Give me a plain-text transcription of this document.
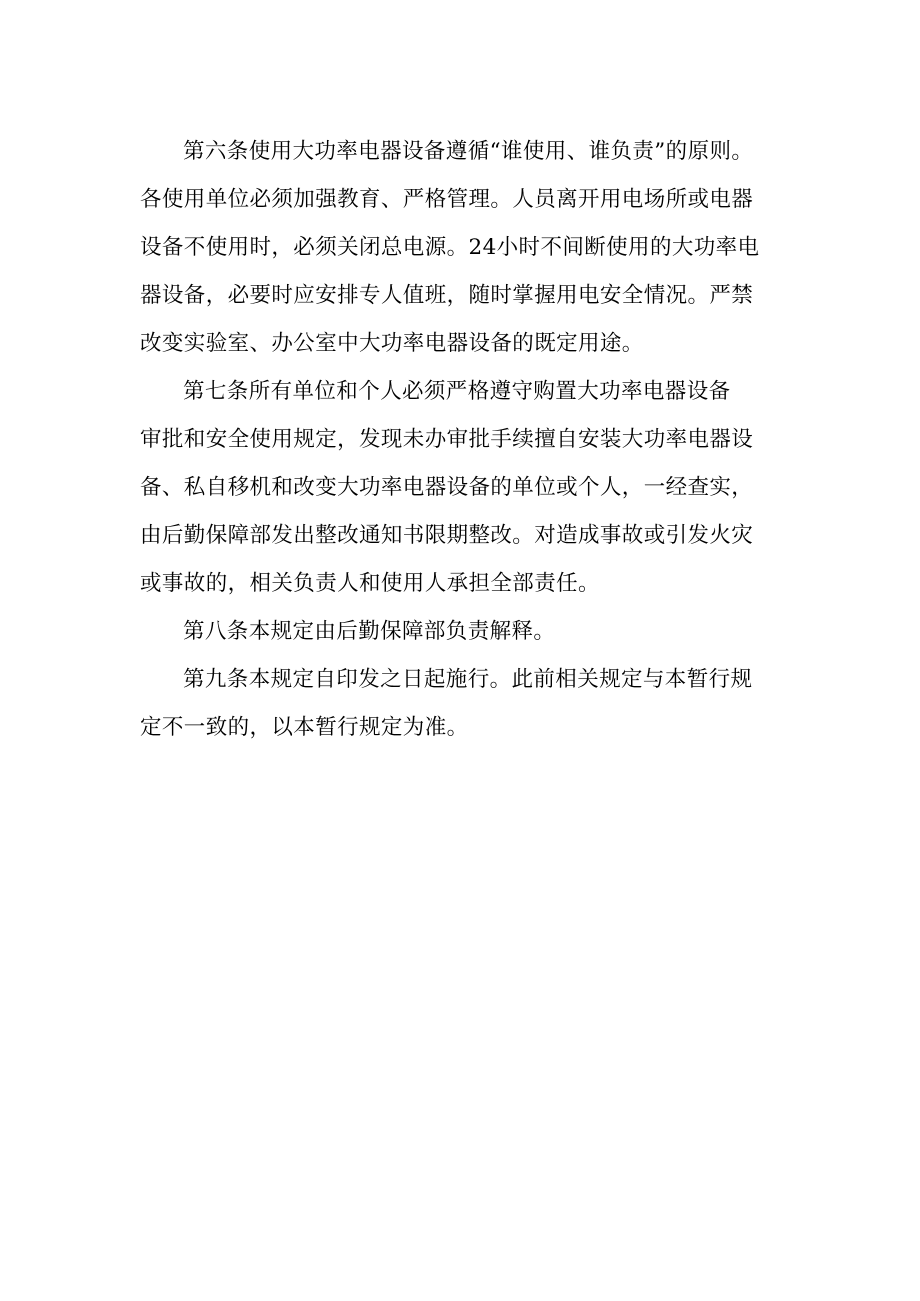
第六条使用大功率电器设备遵循“谁使用、谁负责”的原则。
各使用单位必须加强教育、严格管理。人员离开用电场所或电器
设备不使用时，必须关闭总电源。24小时不间断使用的大功率电
器设备，必要时应安排专人值班，随时掌握用电安全情况。严禁
改变实验室、办公室中大功率电器设备的既定用途。

第七条所有单位和个人必须严格遵守购置大功率电器设备
审批和安全使用规定，发现未办审批手续擅自安装大功率电器设
备、私自移机和改变大功率电器设备的单位或个人，一经查实，
由后勤保障部发出整改通知书限期整改。对造成事故或引发火灾
或事故的，相关负责人和使用人承担全部责任。

第八条本规定由后勤保障部负责解释。

第九条本规定自印发之日起施行。此前相关规定与本暂行规
定不一致的，以本暂行规定为准。
